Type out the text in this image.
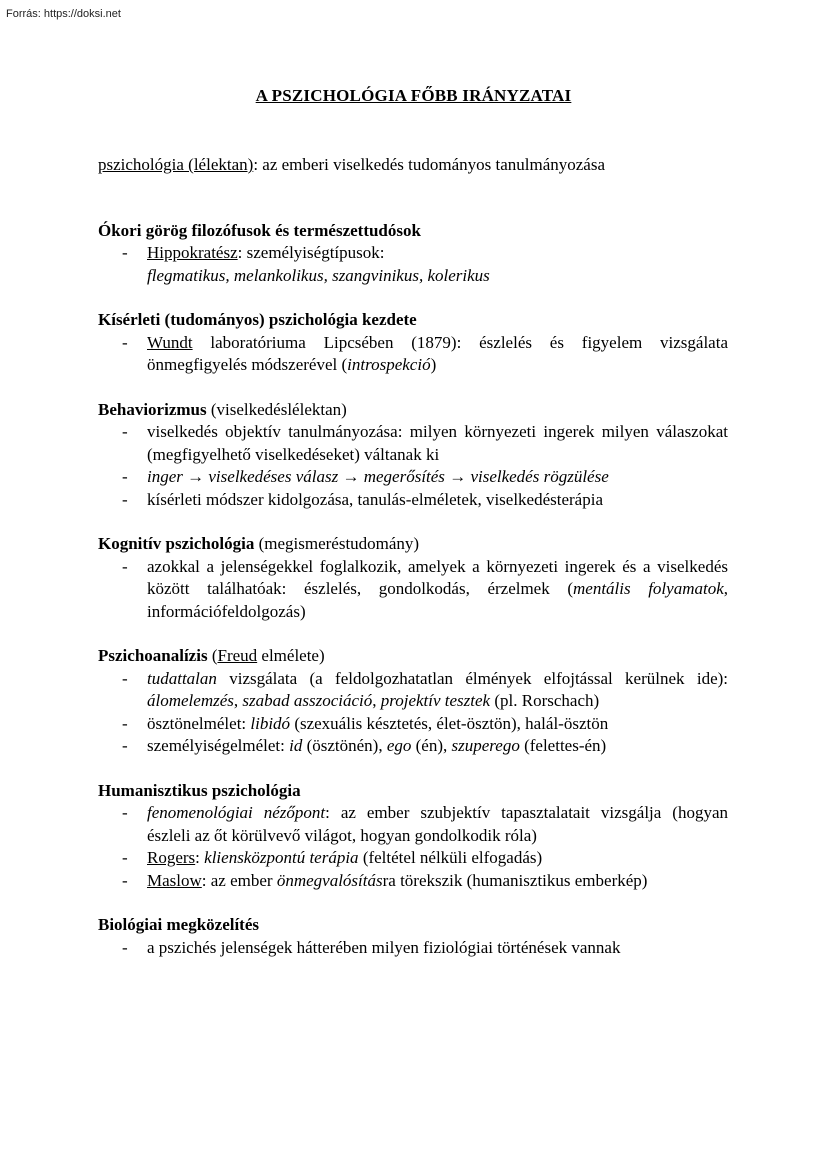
Forrás: https://doksi.net
A PSZICHOLÓGIA FŐBB IRÁNYZATAI

pszichológia (lélektan): az emberi viselkedés tudományos tanulmányozása

Ókori görög filozófusok és természettudósok

- Hippokratész: személyiségtípusok:
flegmatikus, melankolikus, szangvinikus, kolerikus

Kísérleti (tudományos) pszichológia kezdete

- Wundt laboratóriuma Lipcsében (1879): észlelés és figyelem vizsgálata önmegfigyelés módszerével (introspekció)

Behaviorizmus (viselkedéslélektan)

- viselkedés objektív tanulmányozása: milyen környezeti ingerek milyen válaszokat (megfigyelhető viselkedéseket) váltanak ki
- inger → viselkedéses válasz → megerősítés → viselkedés rögzülése
- kísérleti módszer kidolgozása, tanulás-elméletek, viselkedésterápia

Kognitív pszichológia (megismeréstudomány)

- azokkal a jelenségekkel foglalkozik, amelyek a környezeti ingerek és a viselkedés között találhatóak: észlelés, gondolkodás, érzelmek (mentális folyamatok, információfeldolgozás)

Pszichoanalízis (Freud elmélete)

- tudattalan vizsgálata (a feldolgozhatatlan élmények elfojtással kerülnek ide): álomelemzés, szabad asszociáció, projektív tesztek (pl. Rorschach)
- ösztönelmélet: libidó (szexuális késztetés, élet-ösztön), halál-ösztön
- személyiségelmélet: id (ösztönén), ego (én), szuperego (felettes-én)

Humanisztikus pszichológia

- fenomenológiai nézőpont: az ember szubjektív tapasztalatait vizsgálja (hogyan észleli az őt körülvevő világot, hogyan gondolkodik róla)
- Rogers: kliensközpontú terápia (feltétel nélküli elfogadás)
- Maslow: az ember önmegvalósításra törekszik (humanisztikus emberkép)

Biológiai megközelítés

- a pszichés jelenségek hátterében milyen fiziológiai történések vannak
